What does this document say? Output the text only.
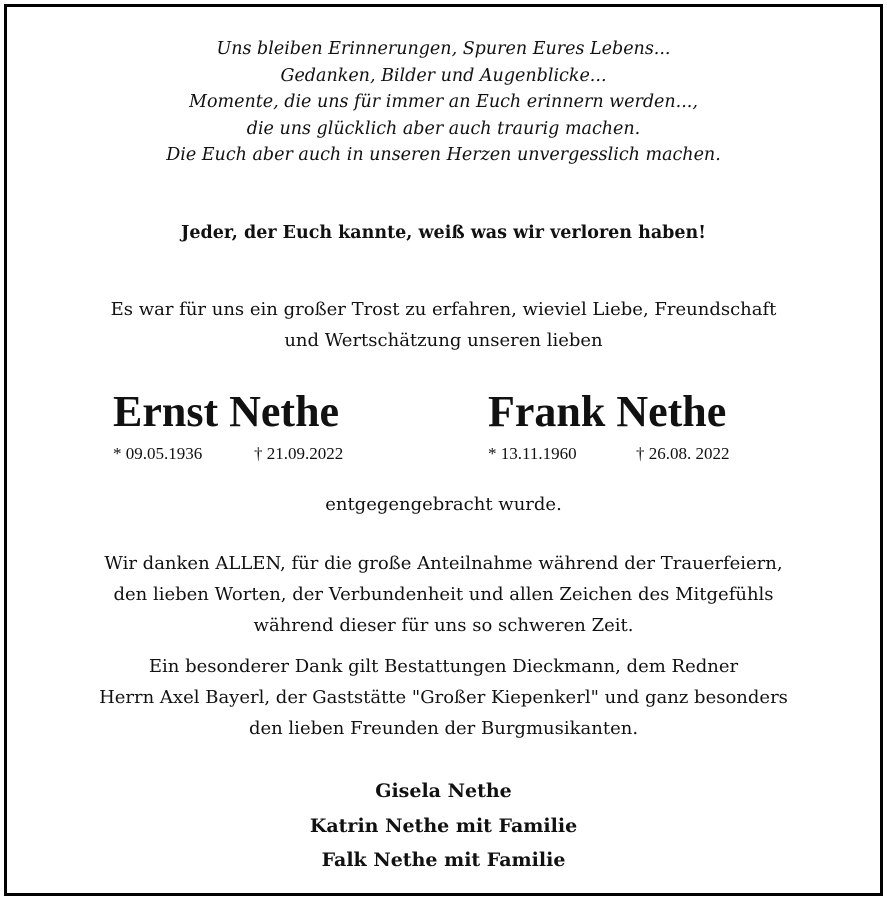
Uns bleiben Erinnerungen, Spuren Eures Lebens...
Gedanken, Bilder und Augenblicke...
Momente, die uns für immer an Euch erinnern werden...,
die uns glücklich aber auch traurig machen.
Die Euch aber auch in unseren Herzen unvergesslich machen.
Jeder, der Euch kannte, weiß was wir verloren haben!
Es war für uns ein großer Trost zu erfahren, wieviel Liebe, Freundschaft
und Wertschätzung unseren lieben
Ernst Nethe
* 09.05.1936	† 21.09.2022
Frank Nethe
* 13.11.1960	† 26.08. 2022
entgegengebracht wurde.
Wir danken ALLEN, für die große Anteilnahme während der Trauerfeiern,
den lieben Worten, der Verbundenheit und allen Zeichen des Mitgefühls
während dieser für uns so schweren Zeit.
Ein besonderer Dank gilt Bestattungen Dieckmann, dem Redner
Herrn Axel Bayerl, der Gaststätte "Großer Kiepenkerl" und ganz besonders
den lieben Freunden der Burgmusikanten.
Gisela Nethe
Katrin Nethe mit Familie
Falk Nethe mit Familie
